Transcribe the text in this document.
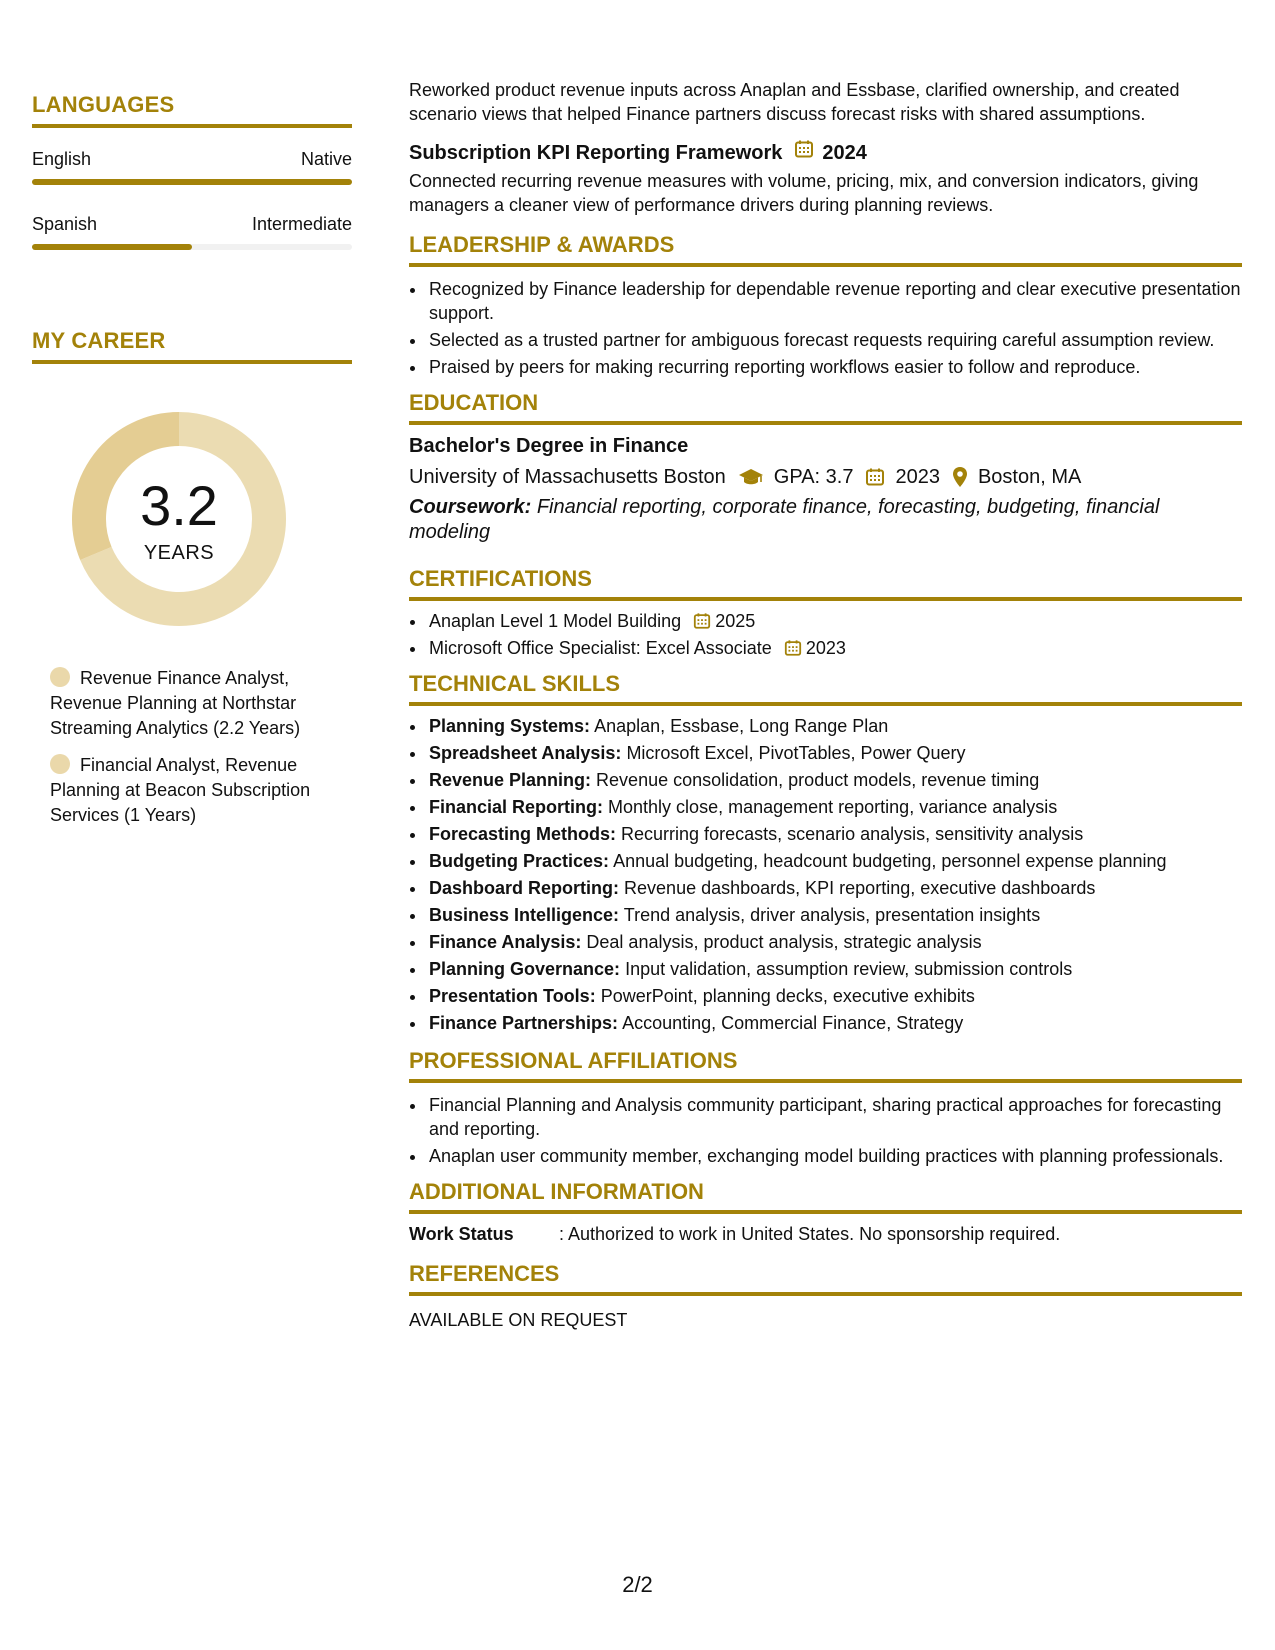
LANGUAGES
English	Native
Spanish	Intermediate
MY CAREER
3.2
YEARS
Revenue Finance Analyst, Revenue Planning at Northstar Streaming Analytics (2.2 Years)
Financial Analyst, Revenue Planning at Beacon Subscription Services (1 Years)
Reworked product revenue inputs across Anaplan and Essbase, clarified ownership, and created scenario views that helped Finance partners discuss forecast risks with shared assumptions.
Subscription KPI Reporting Framework 2024
Connected recurring revenue measures with volume, pricing, mix, and conversion indicators, giving managers a cleaner view of performance drivers during planning reviews.
LEADERSHIP & AWARDS
• Recognized by Finance leadership for dependable revenue reporting and clear executive presentation support.
• Selected as a trusted partner for ambiguous forecast requests requiring careful assumption review.
• Praised by peers for making recurring reporting workflows easier to follow and reproduce.
EDUCATION
Bachelor's Degree in Finance
University of Massachusetts Boston GPA: 3.7 2023 Boston, MA
Coursework: Financial reporting, corporate finance, forecasting, budgeting, financial modeling
CERTIFICATIONS
• Anaplan Level 1 Model Building 2025
• Microsoft Office Specialist: Excel Associate 2023
TECHNICAL SKILLS
• Planning Systems: Anaplan, Essbase, Long Range Plan
• Spreadsheet Analysis: Microsoft Excel, PivotTables, Power Query
• Revenue Planning: Revenue consolidation, product models, revenue timing
• Financial Reporting: Monthly close, management reporting, variance analysis
• Forecasting Methods: Recurring forecasts, scenario analysis, sensitivity analysis
• Budgeting Practices: Annual budgeting, headcount budgeting, personnel expense planning
• Dashboard Reporting: Revenue dashboards, KPI reporting, executive dashboards
• Business Intelligence: Trend analysis, driver analysis, presentation insights
• Finance Analysis: Deal analysis, product analysis, strategic analysis
• Planning Governance: Input validation, assumption review, submission controls
• Presentation Tools: PowerPoint, planning decks, executive exhibits
• Finance Partnerships: Accounting, Commercial Finance, Strategy
PROFESSIONAL AFFILIATIONS
• Financial Planning and Analysis community participant, sharing practical approaches for forecasting and reporting.
• Anaplan user community member, exchanging model building practices with planning professionals.
ADDITIONAL INFORMATION
Work Status	: Authorized to work in United States. No sponsorship required.
REFERENCES
AVAILABLE ON REQUEST
2/2
